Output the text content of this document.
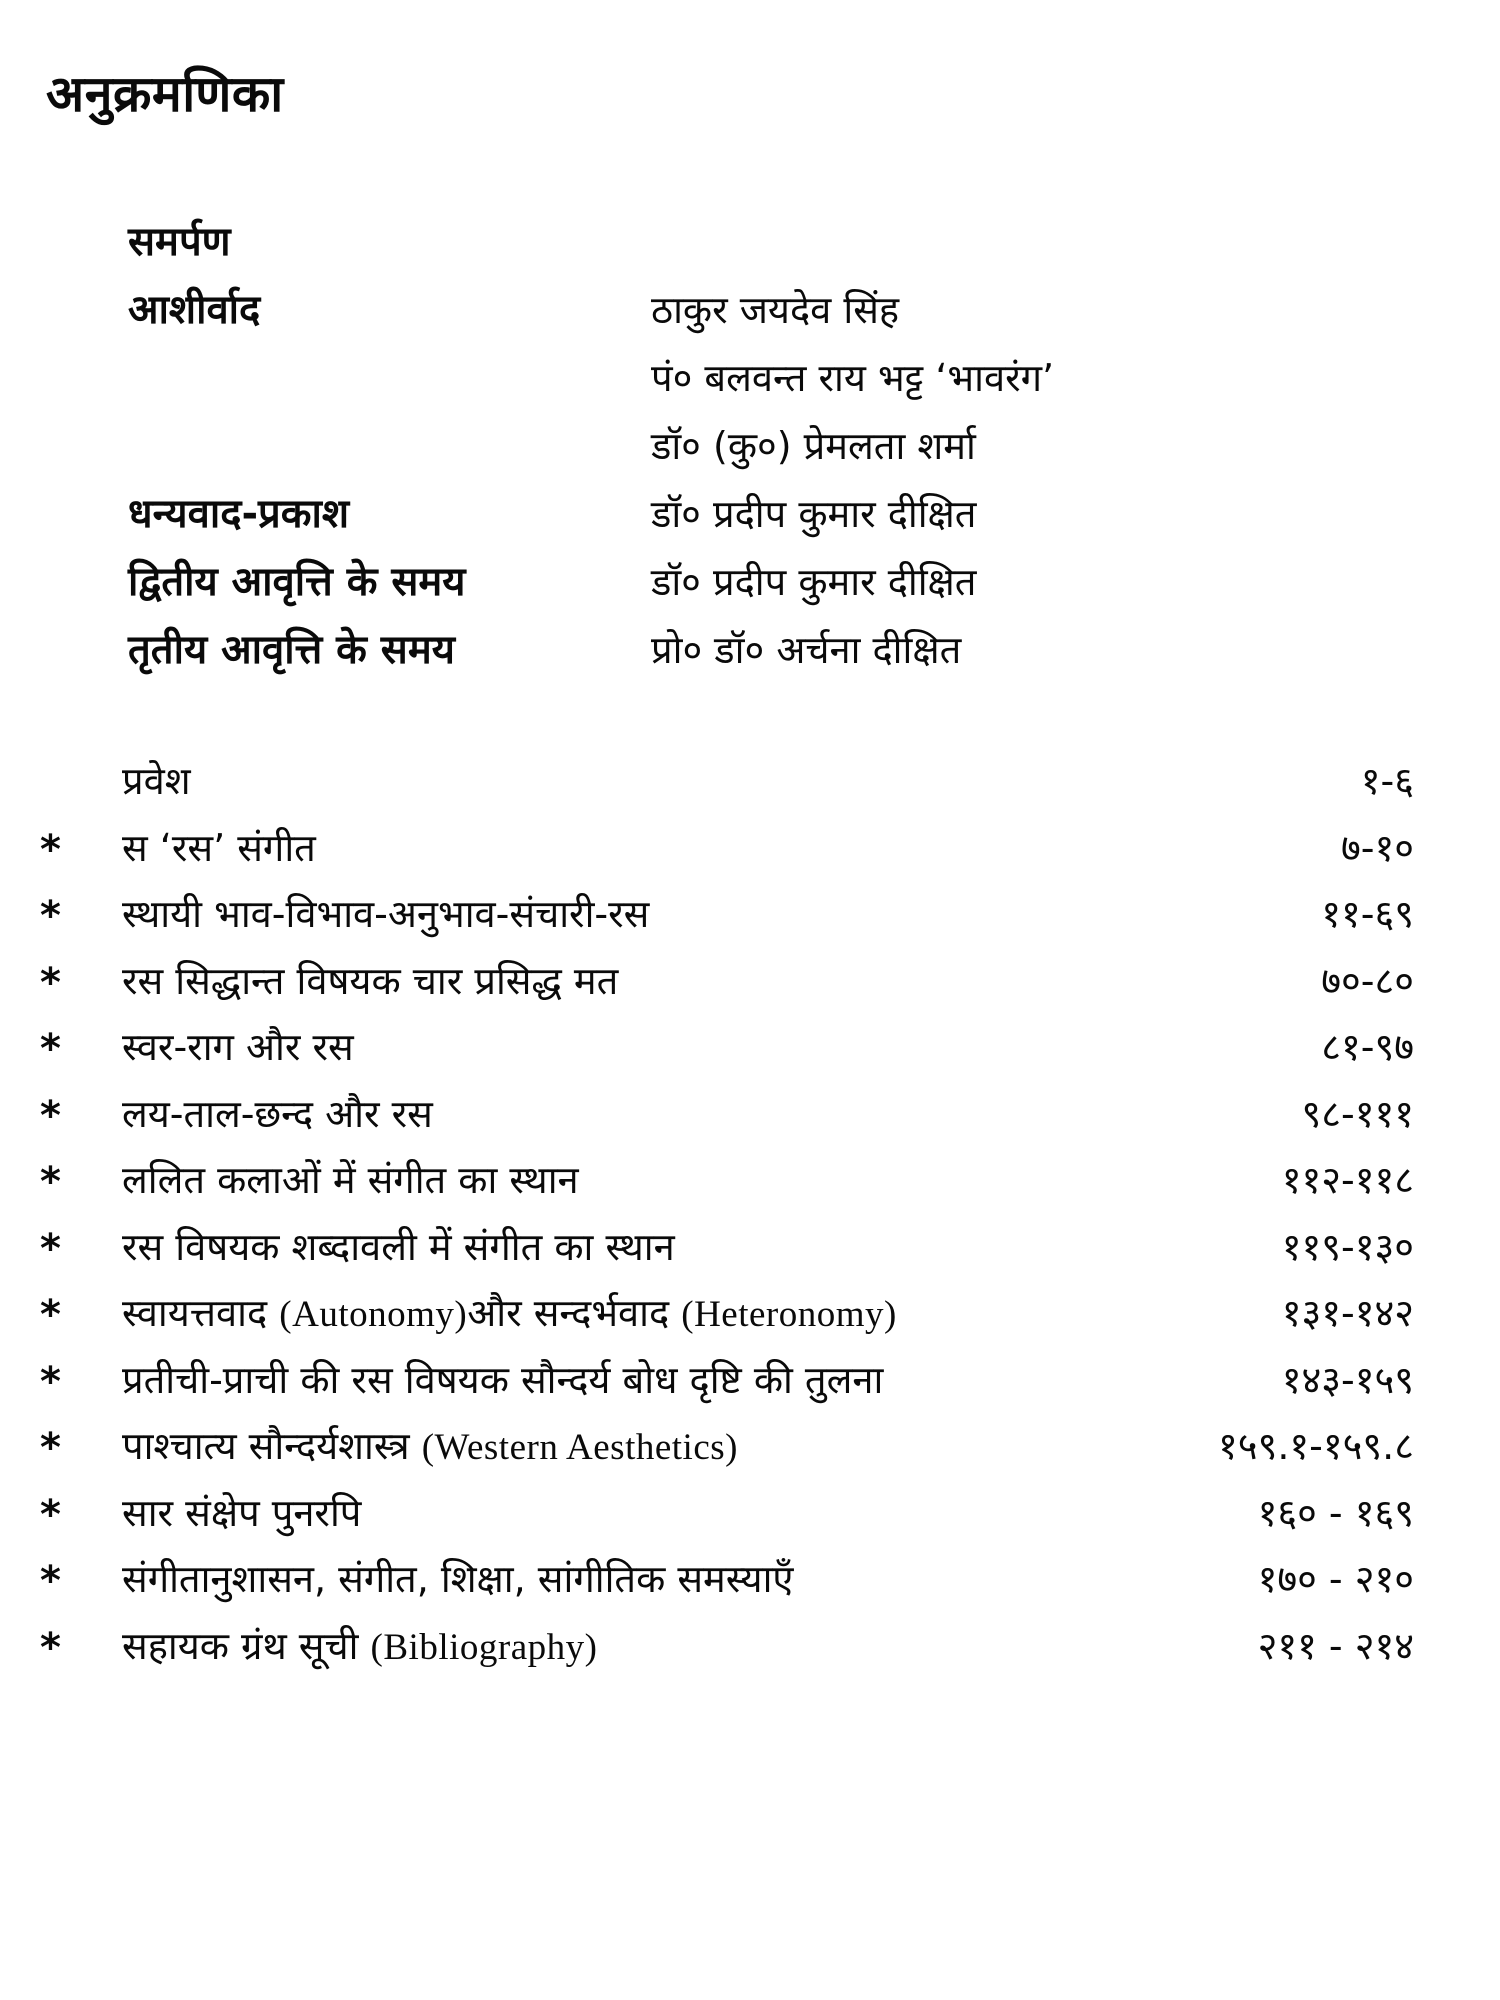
अनुक्रमणिका
समर्पण
आशीर्वाद	ठाकुर जयदेव सिंह
पं० बलवन्त राय भट्ट ‘भावरंग’
डॉ० (कु०) प्रेमलता शर्मा
धन्यवाद-प्रकाश	डॉ० प्रदीप कुमार दीक्षित
द्वितीय आवृत्ति के समय	डॉ० प्रदीप कुमार दीक्षित
तृतीय आवृत्ति के समय	प्रो० डॉ० अर्चना दीक्षित
प्रवेश	१-६
* स ‘रस’ संगीत	७-१०
* स्थायी भाव-विभाव-अनुभाव-संचारी-रस	११-६९
* रस सिद्धान्त विषयक चार प्रसिद्ध मत	७०-८०
* स्वर-राग और रस	८१-९७
* लय-ताल-छन्द और रस	९८-१११
* ललित कलाओं में संगीत का स्थान	११२-११८
* रस विषयक शब्दावली में संगीत का स्थान	११९-१३०
* स्वायत्तवाद (Autonomy)और सन्दर्भवाद (Heteronomy)	१३१-१४२
* प्रतीची-प्राची की रस विषयक सौन्दर्य बोध दृष्टि की तुलना	१४३-१५९
* पाश्चात्य सौन्दर्यशास्त्र (Western Aesthetics)	१५९.१-१५९.८
* सार संक्षेप पुनरपि	१६० - १६९
* संगीतानुशासन, संगीत, शिक्षा, सांगीतिक समस्याएँ	१७० - २१०
* सहायक ग्रंथ सूची (Bibliography)	२११ - २१४
